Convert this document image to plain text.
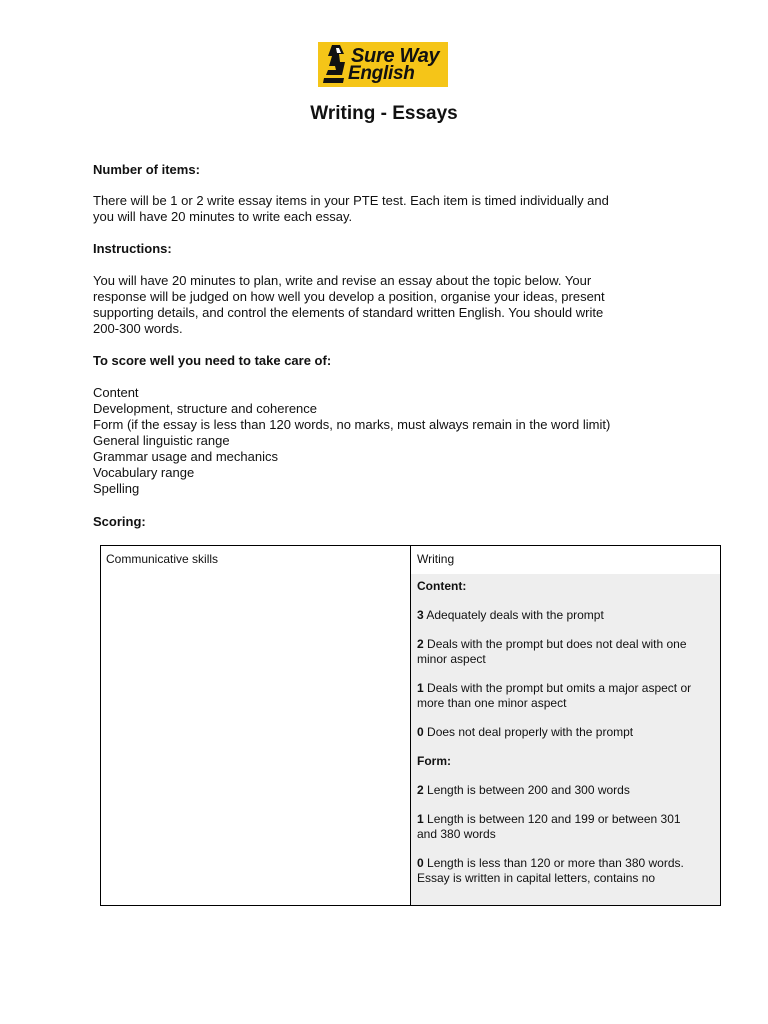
Sure Way
English
Writing - Essays

Number of items:

There will be 1 or 2 write essay items in your PTE test. Each item is timed individually and

you will have 20 minutes to write each essay.

Instructions:

You will have 20 minutes to plan, write and revise an essay about the topic below. Your

response will be judged on how well you develop a position, organise your ideas, present

supporting details, and control the elements of standard written English. You should write

200-300 words.

To score well you need to take care of:

Content
Development, structure and coherence
Form (if the essay is less than 120 words, no marks, must always remain in the word limit)
General linguistic range
Grammar usage and mechanics
Vocabulary range
Spelling

Scoring:

Communicative skills	Writing

Content:

3 Adequately deals with the prompt

2 Deals with the prompt but does not deal with one
minor aspect

1 Deals with the prompt but omits a major aspect or
more than one minor aspect

0 Does not deal properly with the prompt

Form:

2 Length is between 200 and 300 words

1 Length is between 120 and 199 or between 301
and 380 words

0 Length is less than 120 or more than 380 words.
Essay is written in capital letters, contains no
